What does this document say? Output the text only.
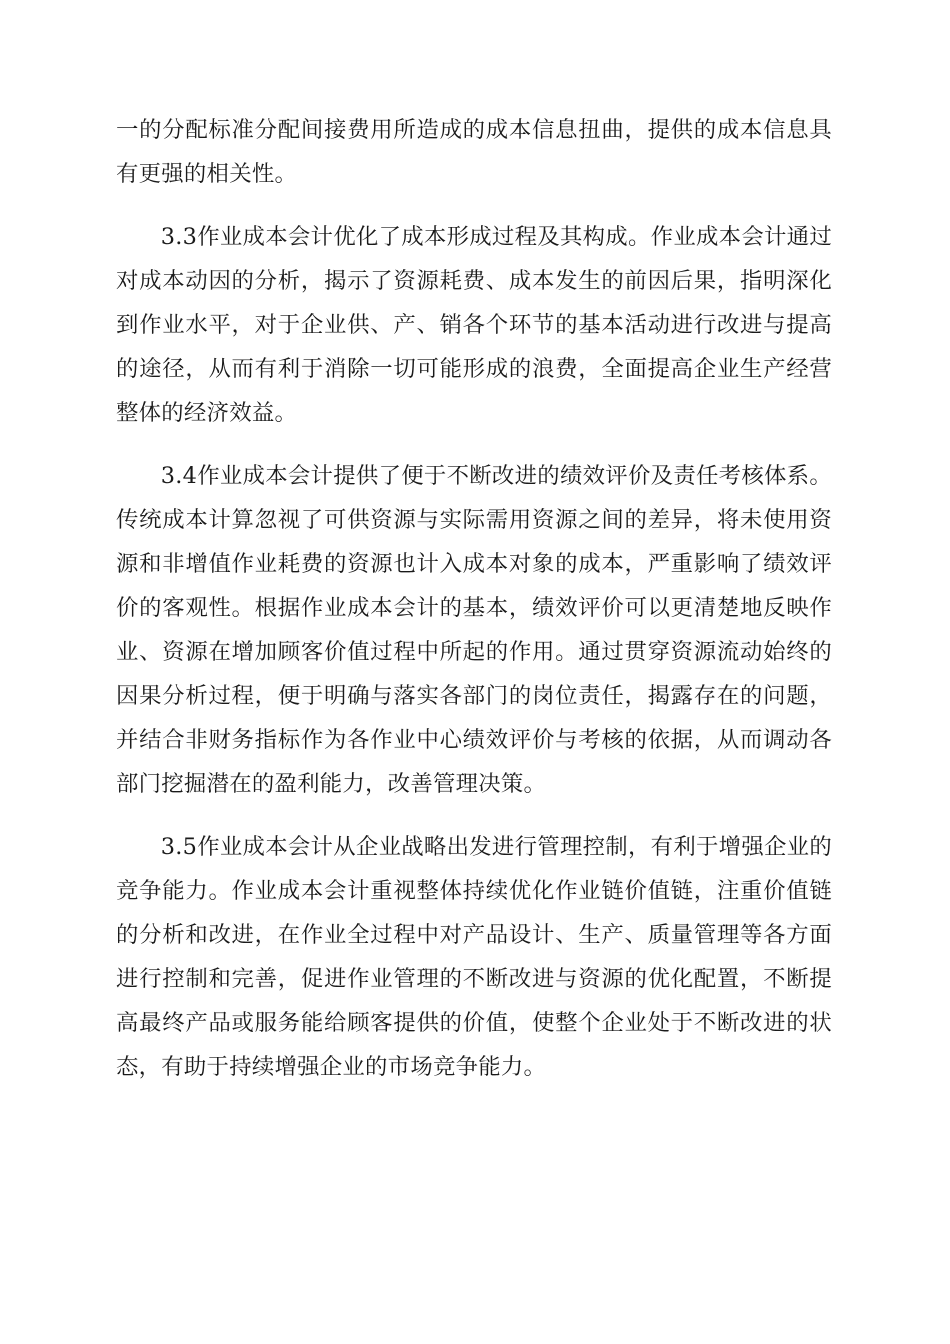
一的分配标准分配间接费用所造成的成本信息扭曲，提供的成本信息具有更强的相关性。

3.3作业成本会计优化了成本形成过程及其构成。作业成本会计通过对成本动因的分析，揭示了资源耗费、成本发生的前因后果，指明深化到作业水平，对于企业供、产、销各个环节的基本活动进行改进与提高的途径，从而有利于消除一切可能形成的浪费，全面提高企业生产经营整体的经济效益。

3.4作业成本会计提供了便于不断改进的绩效评价及责任考核体系。传统成本计算忽视了可供资源与实际需用资源之间的差异，将未使用资源和非增值作业耗费的资源也计入成本对象的成本，严重影响了绩效评价的客观性。根据作业成本会计的基本，绩效评价可以更清楚地反映作业、资源在增加顾客价值过程中所起的作用。通过贯穿资源流动始终的因果分析过程，便于明确与落实各部门的岗位责任，揭露存在的问题，并结合非财务指标作为各作业中心绩效评价与考核的依据，从而调动各部门挖掘潜在的盈利能力，改善管理决策。

3.5作业成本会计从企业战略出发进行管理控制，有利于增强企业的竞争能力。作业成本会计重视整体持续优化作业链价值链，注重价值链的分析和改进，在作业全过程中对产品设计、生产、质量管理等各方面进行控制和完善，促进作业管理的不断改进与资源的优化配置，不断提高最终产品或服务能给顾客提供的价值，使整个企业处于不断改进的状态，有助于持续增强企业的市场竞争能力。
